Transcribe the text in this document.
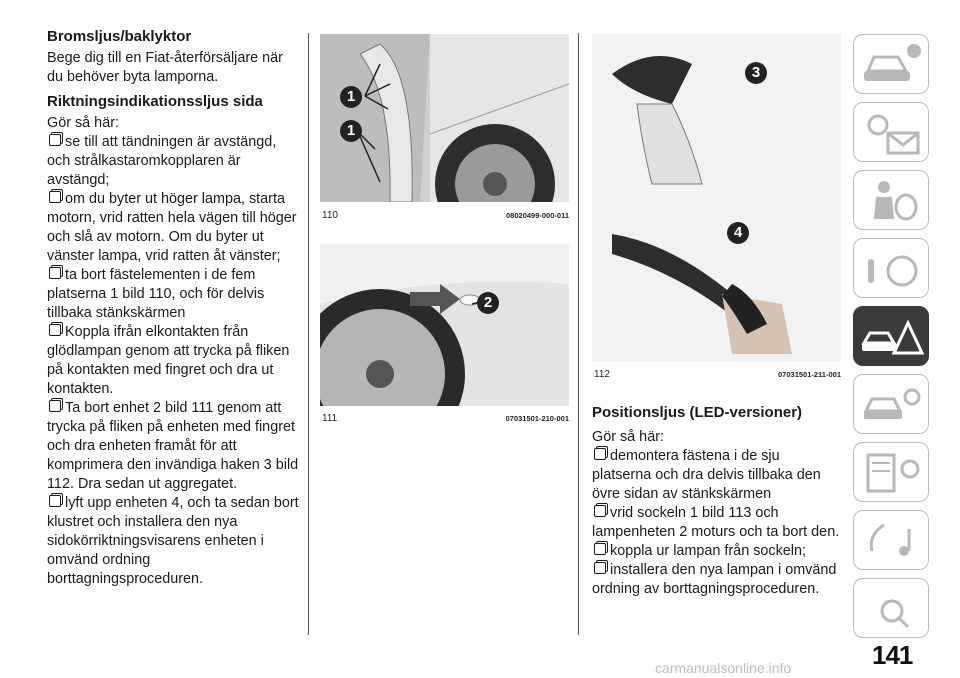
Bromsljus/baklyktor

Bege dig till en Fiat-återförsäljare när du behöver byta lamporna.

Riktningsindikationssljus sida

Gör så här:

se till att tändningen är avstängd, och strålkastaromkopplaren är avstängd;

om du byter ut höger lampa, starta motorn, vrid ratten hela vägen till höger och slå av motorn. Om du byter ut vänster lampa, vrid ratten åt vänster;

ta bort fästelementen i de fem platserna 1 bild 110, och för delvis tillbaka stänkskärmen

Koppla ifrån elkontakten från glödlampan genom att trycka på fliken på kontakten med fingret och dra ut kontakten.

Ta bort enhet 2 bild 111 genom att trycka på fliken på enheten med fingret och dra enheten framåt för att komprimera den invändiga haken 3 bild 112. Dra sedan ut aggregatet.

lyft upp enheten 4, och ta sedan bort klustret och installera den nya sidokörriktningsvisarens enheten i omvänd ordning borttagningsproceduren.

1
1
110	08020499-000-011
2
111	07031501-210-001
3
4
112	07031501-211-001
Positionsljus (LED-versioner)

Gör så här:

demontera fästena i de sju platserna och dra delvis tillbaka den övre sidan av stänkskärmen

vrid sockeln 1 bild 113 och lampenheten 2 moturs och ta bort den.

koppla ur lampan från sockeln;

installera den nya lampan i omvänd ordning av borttagningsproceduren.

141
carmanualsonline.info
